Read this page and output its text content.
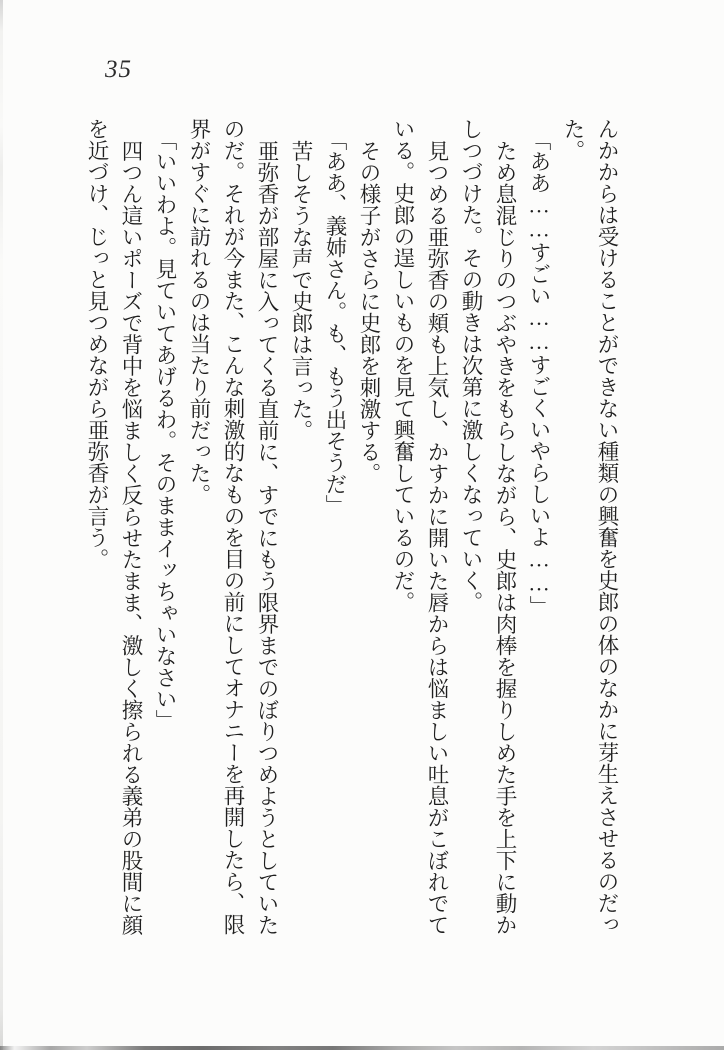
35
んかからは受けることができない種類の興奮を史郎の体のなかに芽生えさせるのだっ
た。
「ああ……すごい……すごくいやらしいよ……」
ため息混じりのつぶやきをもらしながら、史郎は肉棒を握りしめた手を上下に動か
しつづけた。その動きは次第に激しくなっていく。
見つめる亜弥香の頬も上気し、かすかに開いた唇からは悩ましい吐息がこぼれでて
いる。史郎の逞しいものを見て興奮しているのだ。
その様子がさらに史郎を刺激する。
「ああ、義姉さん。も、もう出そうだ」
苦しそうな声で史郎は言った。
亜弥香が部屋に入ってくる直前に、すでにもう限界までのぼりつめようとしていた
のだ。それが今また、こんな刺激的なものを目の前にしてオナニーを再開したら、限
界がすぐに訪れるのは当たり前だった。
「いいわよ。見ていてあげるわ。そのままイッちゃいなさい」
四つん這いポーズで背中を悩ましく反らせたまま、激しく擦られる義弟の股間に顔
を近づけ、じっと見つめながら亜弥香が言う。
